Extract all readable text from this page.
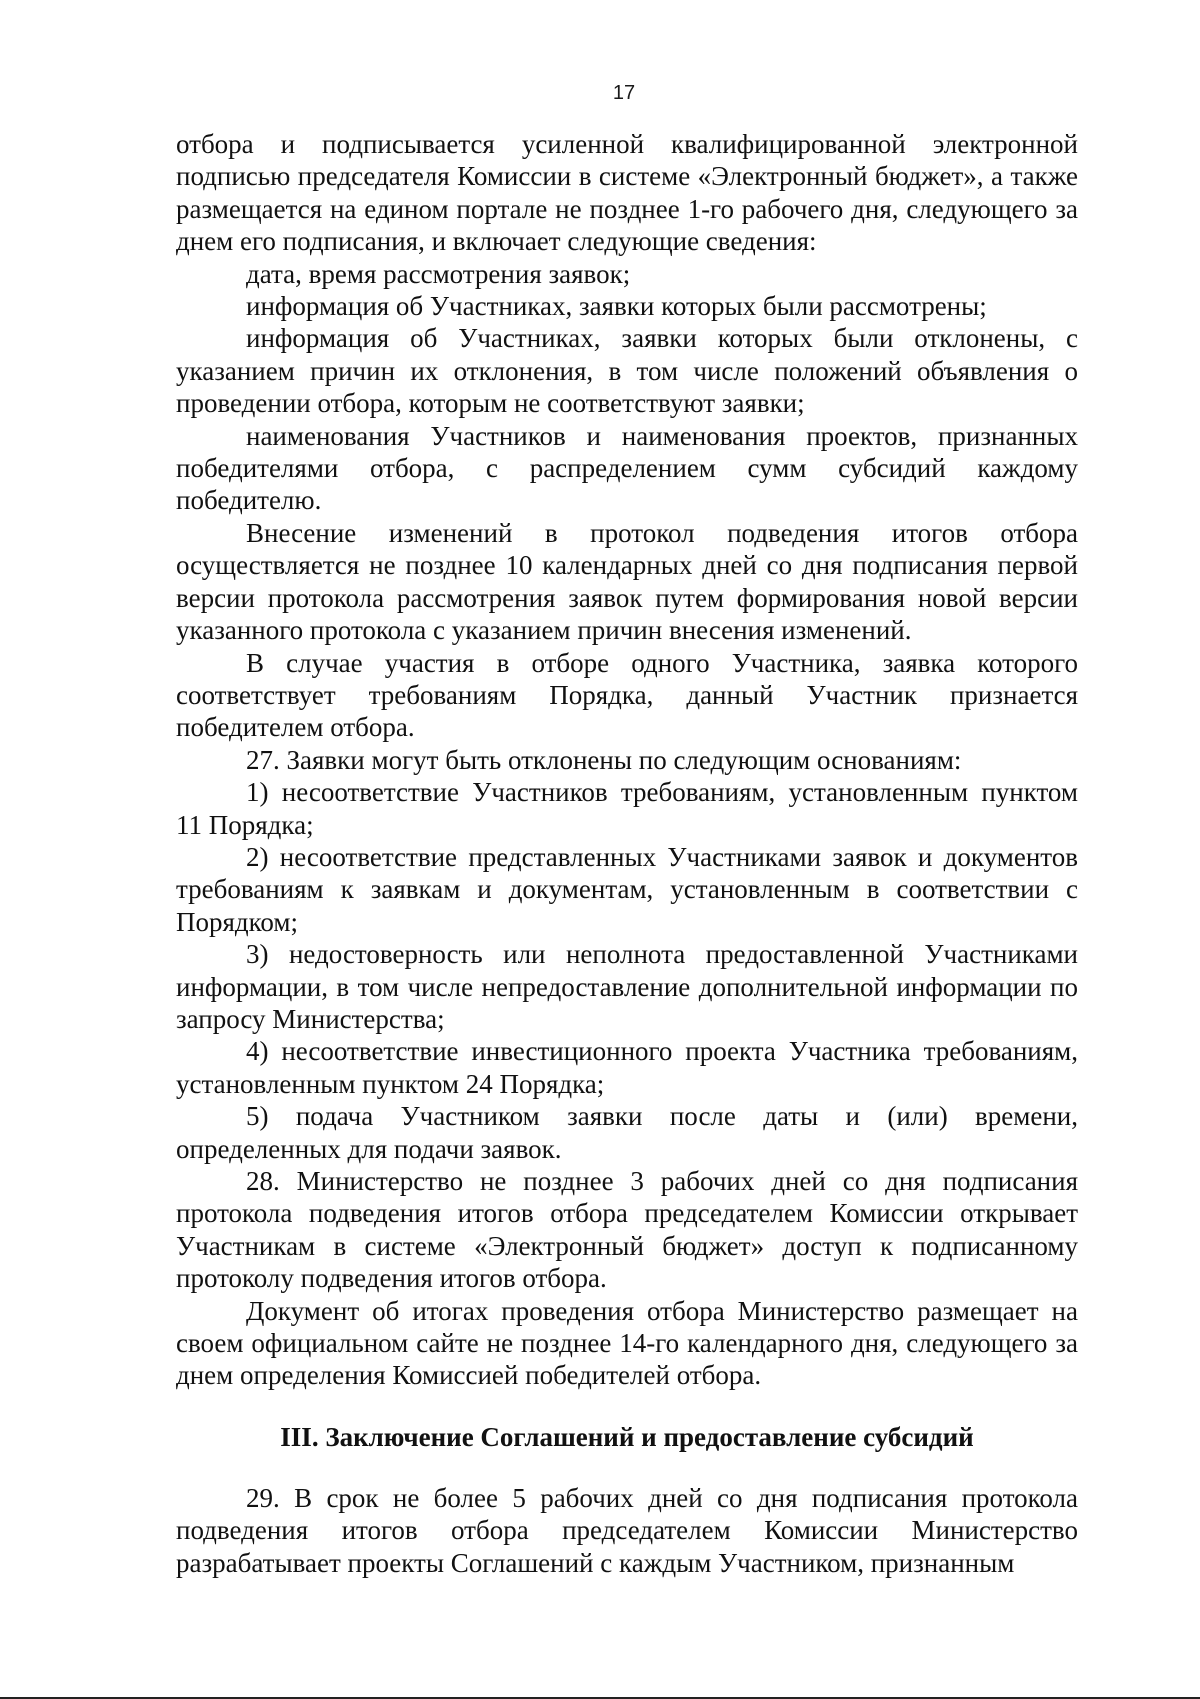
17

отбора и подписывается усиленной квалифицированной электронной подписью председателя Комиссии в системе «Электронный бюджет», а также размещается на едином портале не позднее 1-го рабочего дня, следующего за днем его подписания, и включает следующие сведения:

дата, время рассмотрения заявок;

информация об Участниках, заявки которых были рассмотрены;

информация об Участниках, заявки которых были отклонены, с указанием причин их отклонения, в том числе положений объявления о проведении отбора, которым не соответствуют заявки;

наименования Участников и наименования проектов, признанных победителями отбора, с распределением сумм субсидий каждому победителю.

Внесение изменений в протокол подведения итогов отбора осуществляется не позднее 10 календарных дней со дня подписания первой версии протокола рассмотрения заявок путем формирования новой версии указанного протокола с указанием причин внесения изменений.

В случае участия в отборе одного Участника, заявка которого соответствует требованиям Порядка, данный Участник признается победителем отбора.

27. Заявки могут быть отклонены по следующим основаниям:

1) несоответствие Участников требованиям, установленным пунктом 11 Порядка;

2) несоответствие представленных Участниками заявок и документов требованиям к заявкам и документам, установленным в соответствии с Порядком;

3) недостоверность или неполнота предоставленной Участниками информации, в том числе непредоставление дополнительной информации по запросу Министерства;

4) несоответствие инвестиционного проекта Участника требованиям, установленным пунктом 24 Порядка;

5) подача Участником заявки после даты и (или) времени, определенных для подачи заявок.

28. Министерство не позднее 3 рабочих дней со дня подписания протокола подведения итогов отбора председателем Комиссии открывает Участникам в системе «Электронный бюджет» доступ к подписанному протоколу подведения итогов отбора.

Документ об итогах проведения отбора Министерство размещает на своем официальном сайте не позднее 14-го календарного дня, следующего за днем определения Комиссией победителей отбора.

III. Заключение Соглашений и предоставление субсидий

29. В срок не более 5 рабочих дней со дня подписания протокола подведения итогов отбора председателем Комиссии Министерство разрабатывает проекты Соглашений с каждым Участником, признанным
